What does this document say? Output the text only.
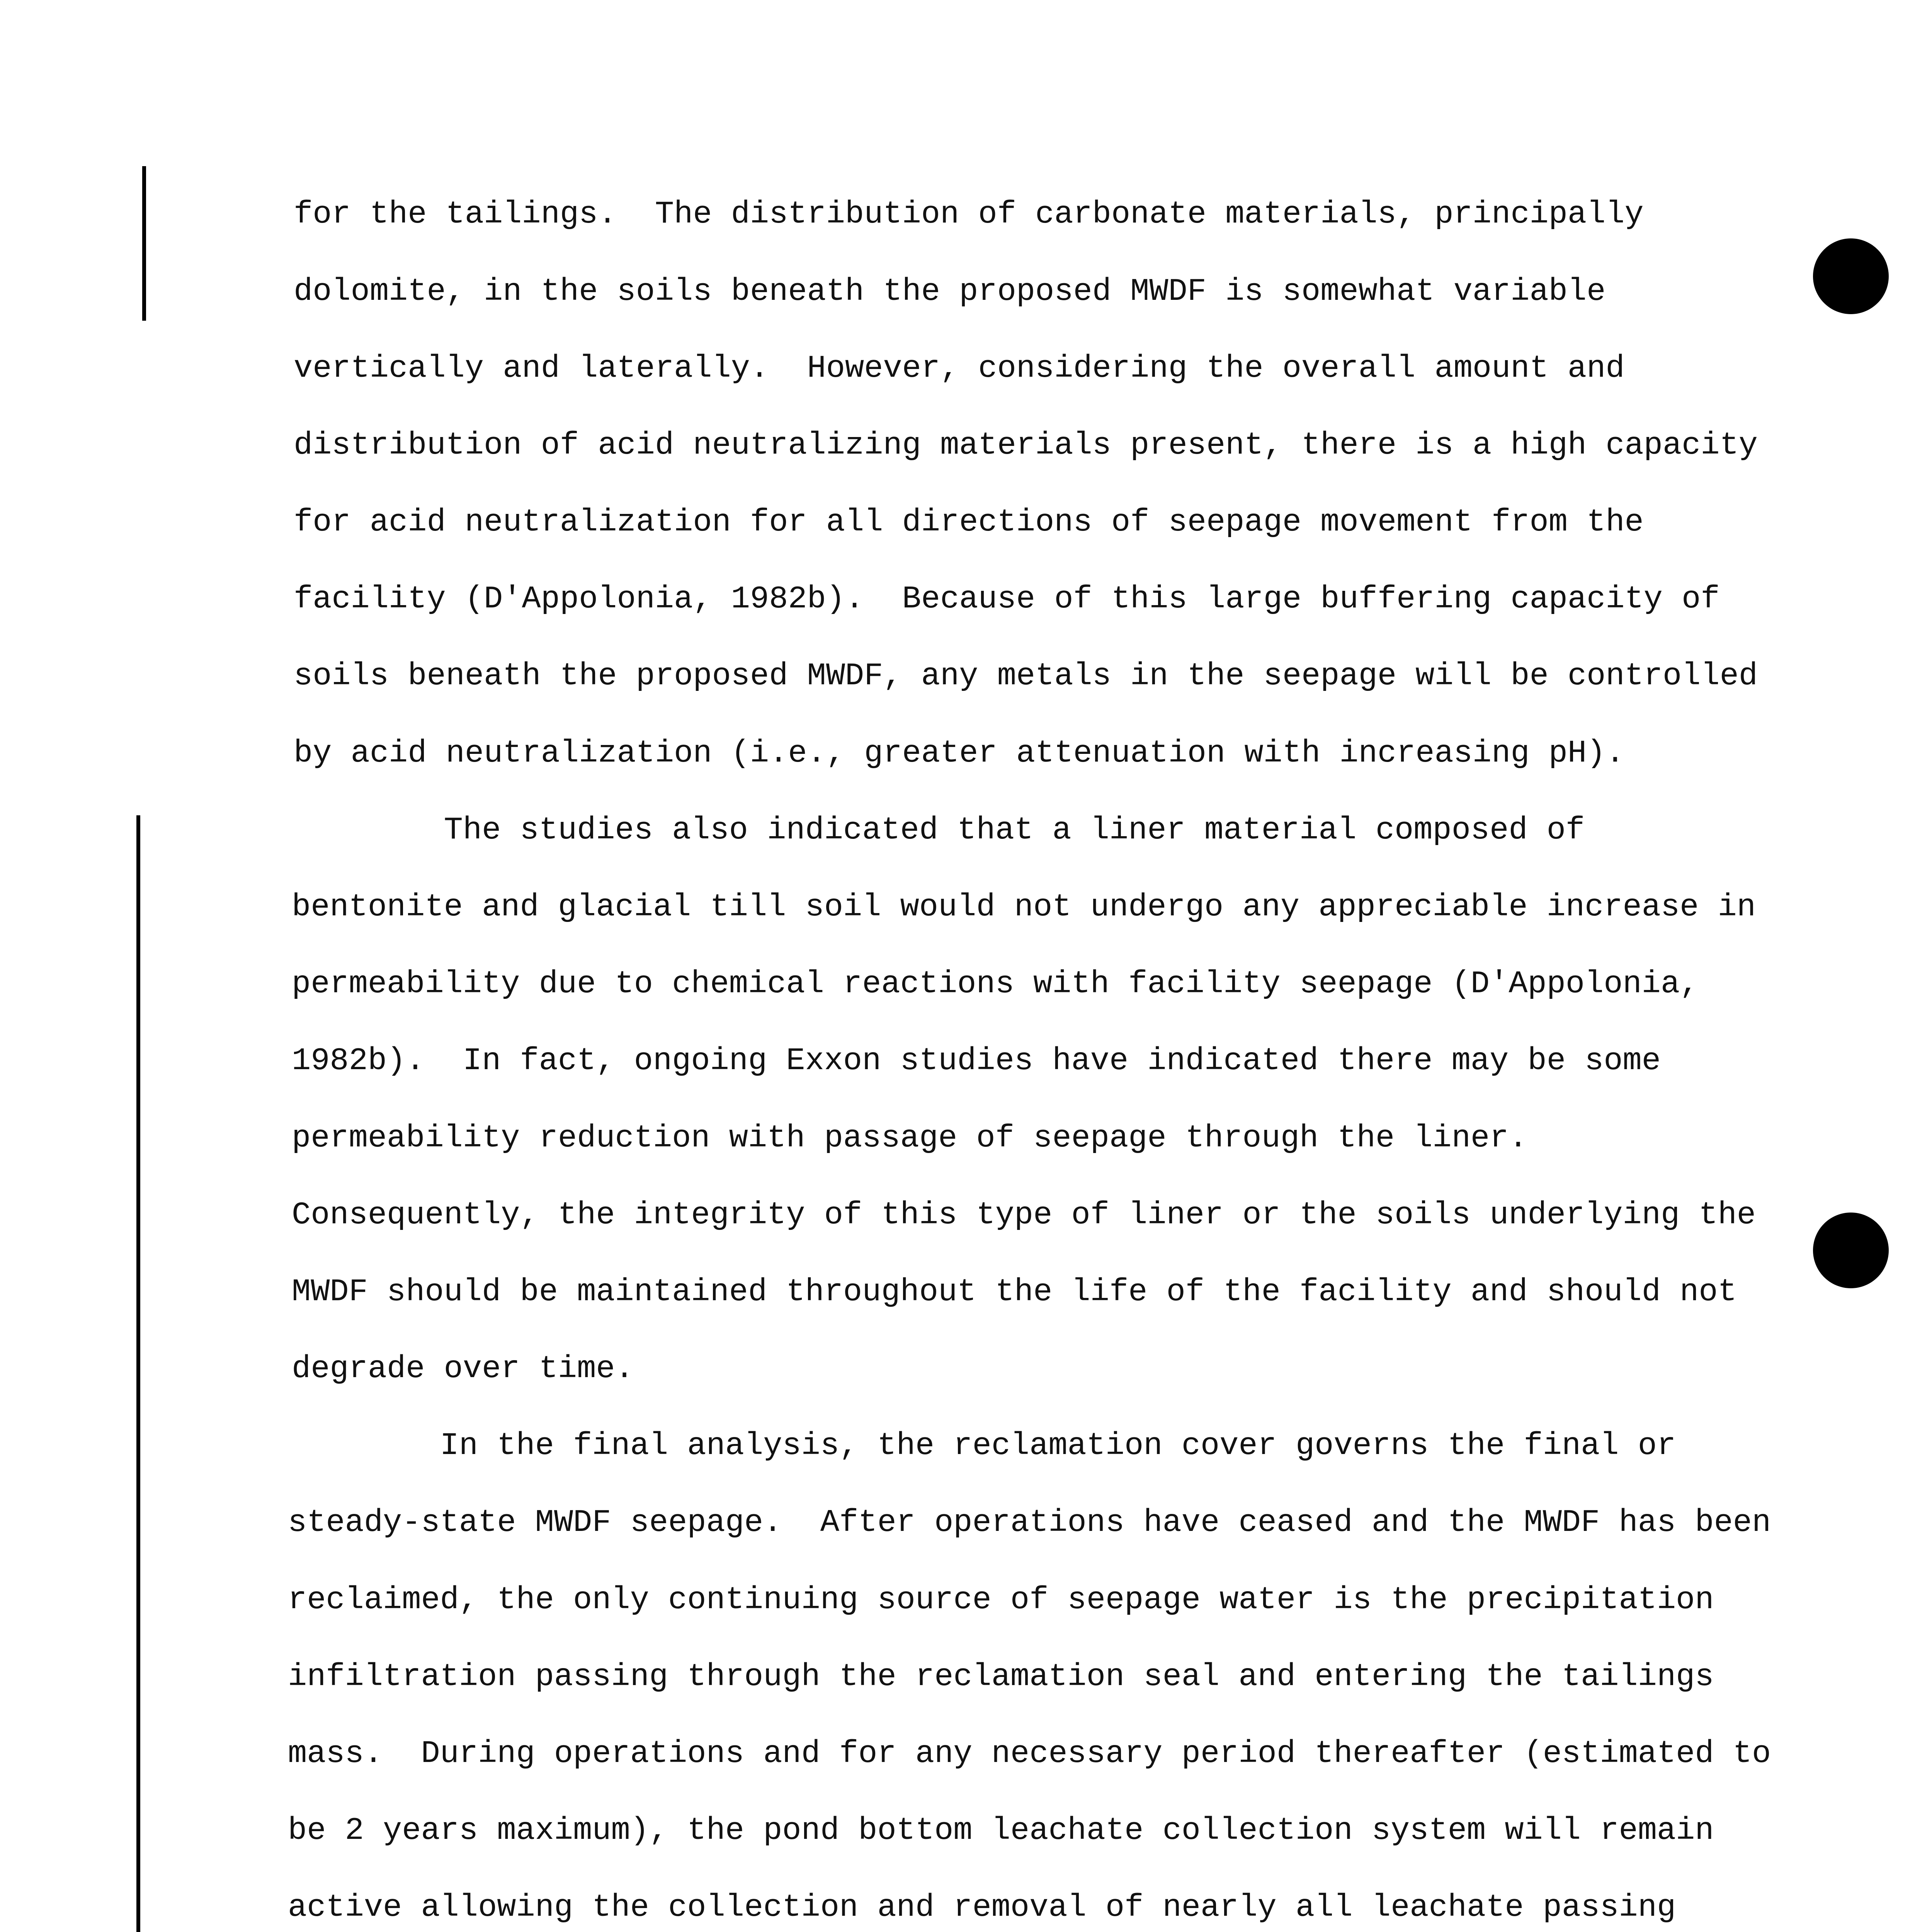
for the tailings.  The distribution of carbonate materials, principally

dolomite, in the soils beneath the proposed MWDF is somewhat variable

vertically and laterally.  However, considering the overall amount and

distribution of acid neutralizing materials present, there is a high capacity

for acid neutralization for all directions of seepage movement from the

facility (D'Appolonia, 1982b).  Because of this large buffering capacity of

soils beneath the proposed MWDF, any metals in the seepage will be controlled

by acid neutralization (i.e., greater attenuation with increasing pH).

The studies also indicated that a liner material composed of

bentonite and glacial till soil would not undergo any appreciable increase in

permeability due to chemical reactions with facility seepage (D'Appolonia,

1982b).  In fact, ongoing Exxon studies have indicated there may be some

permeability reduction with passage of seepage through the liner.

Consequently, the integrity of this type of liner or the soils underlying the

MWDF should be maintained throughout the life of the facility and should not

degrade over time.

In the final analysis, the reclamation cover governs the final or

steady-state MWDF seepage.  After operations have ceased and the MWDF has been

reclaimed, the only continuing source of seepage water is the precipitation

infiltration passing through the reclamation seal and entering the tailings

mass.  During operations and for any necessary period thereafter (estimated to

be 2 years maximum), the pond bottom leachate collection system will remain

active allowing the collection and removal of nearly all leachate passing
